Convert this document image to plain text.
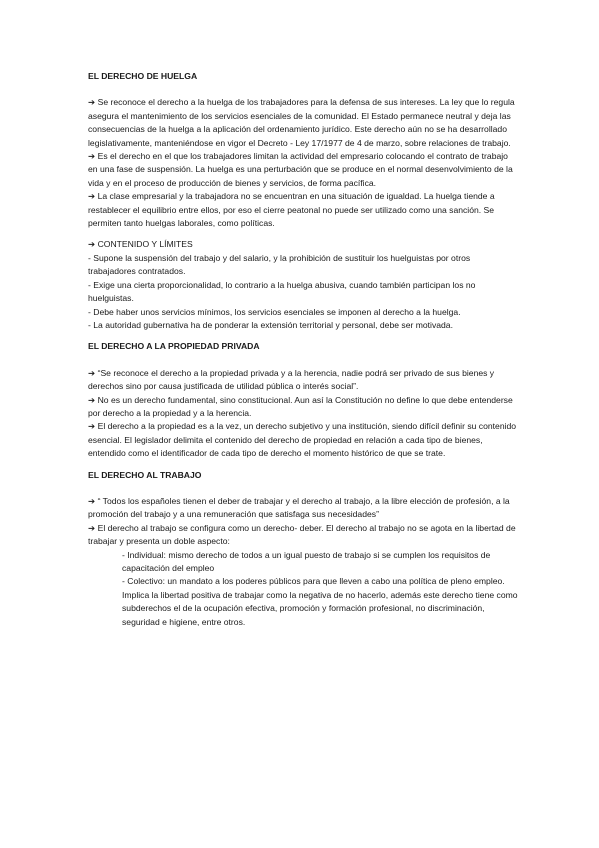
EL DERECHO DE HUELGA

➔ Se reconoce el derecho a la huelga de los trabajadores para la defensa de sus intereses. La ley que lo regula asegura el mantenimiento de los servicios esenciales de la comunidad. El Estado permanece neutral y deja las consecuencias de la huelga a la aplicación del ordenamiento jurídico. Este derecho aún no se ha desarrollado legislativamente, manteniéndose en vigor el Decreto - Ley 17/1977 de 4 de marzo, sobre relaciones de trabajo.

➔ Es el derecho en el que los trabajadores limitan la actividad del empresario colocando el contrato de trabajo en una fase de suspensión. La huelga es una perturbación que se produce en el normal desenvolvimiento de la vida y en el proceso de producción de bienes y servicios, de forma pacífica.

➔ La clase empresarial y la trabajadora no se encuentran en una situación de igualdad. La huelga tiende a restablecer el equilibrio entre ellos, por eso el cierre peatonal no puede ser utilizado como una sanción. Se permiten tanto huelgas laborales, como políticas.

➔ CONTENIDO Y LÍMITES

- Supone la suspensión del trabajo y del salario, y la prohibición de sustituir los huelguistas por otros trabajadores contratados.

- Exige una cierta proporcionalidad, lo contrario a la huelga abusiva, cuando también participan los no huelguistas.

- Debe haber unos servicios mínimos, los servicios esenciales se imponen al derecho a la huelga.

- La autoridad gubernativa ha de ponderar la extensión territorial y personal, debe ser motivada.

EL DERECHO A LA PROPIEDAD PRIVADA

➔ “Se reconoce el derecho a la propiedad privada y a la herencia, nadie podrá ser privado de sus bienes y derechos sino por causa justificada de utilidad pública o interés social”.

➔ No es un derecho fundamental, sino constitucional. Aun así la Constitución no define lo que debe entenderse por derecho a la propiedad y a la herencia.

➔ El derecho a la propiedad es a la vez, un derecho subjetivo y una institución, siendo difícil definir su contenido esencial. El legislador delimita el contenido del derecho de propiedad en relación a cada tipo de bienes, entendido como el identificador de cada tipo de derecho el momento histórico de que se trate.

EL DERECHO AL TRABAJO

➔ “ Todos los españoles tienen el deber de trabajar y el derecho al trabajo, a la libre elección de profesión, a la promoción del trabajo y a una remuneración que satisfaga sus necesidades”

➔ El derecho al trabajo se configura como un derecho- deber. El derecho al trabajo no se agota en la libertad de trabajar y presenta un doble aspecto:

- Individual: mismo derecho de todos a un igual puesto de trabajo si se cumplen los requisitos de capacitación del empleo

- Colectivo: un mandato a los poderes públicos para que lleven a cabo una política de pleno empleo. Implica la libertad positiva de trabajar como la negativa de no hacerlo, además este derecho tiene como subderechos el de la ocupación efectiva, promoción y formación profesional, no discriminación, seguridad e higiene, entre otros.
